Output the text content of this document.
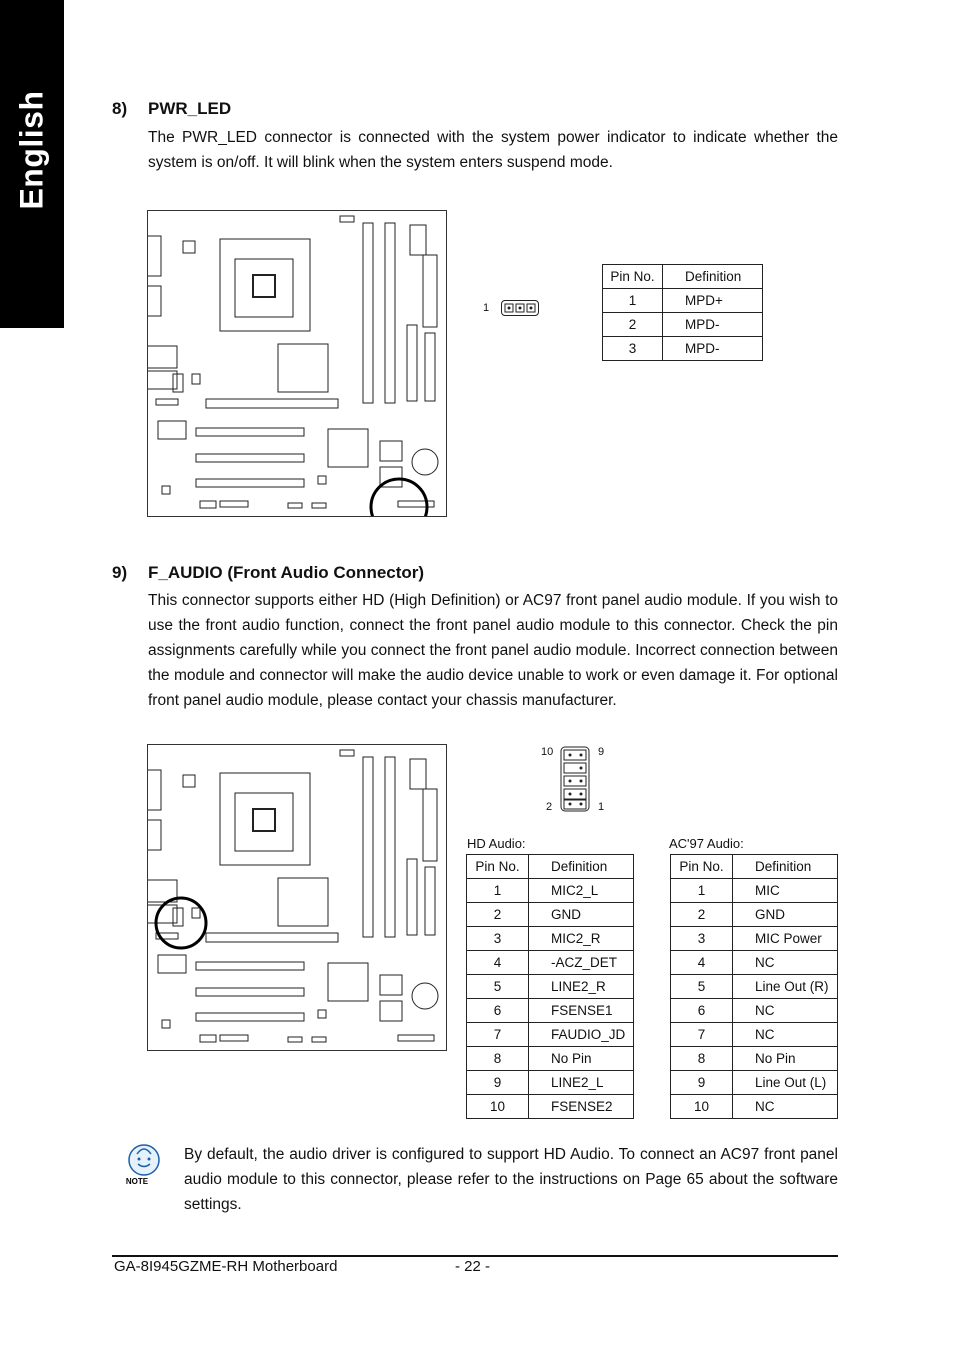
English	8) PWR_LED
The PWR_LED connector is connected with the system power indicator to indicate whether the system is on/off. It will blink when the system enters suspend mode.
1
Pin No.	Definition
1	MPD+
2	MPD-
3	MPD-
9) F_AUDIO (Front Audio Connector)
This connector supports either HD (High Definition) or AC97 front panel audio module. If you wish to use the front audio function, connect the front panel audio module to this connector. Check the pin assignments carefully while you connect the front panel audio module. Incorrect connection between the module and connector will make the audio device unable to work or even damage it. For optional front panel audio module, please contact your chassis manufacturer.
10	9
2	1
HD Audio:
Pin No.	Definition
1	MIC2_L
2	GND
3	MIC2_R
4	-ACZ_DET
5	LINE2_R
6	FSENSE1
7	FAUDIO_JD
8	No Pin
9	LINE2_L
10	FSENSE2
AC'97 Audio:
Pin No.	Definition
1	MIC
2	GND
3	MIC Power
4	NC
5	Line Out (R)
6	NC
7	NC
8	No Pin
9	Line Out (L)
10	NC
NOTE
By default, the audio driver is configured to support HD Audio. To connect an AC97 front panel audio module to this connector, please refer to the instructions on Page 65 about the software settings.
GA-8I945GZME-RH Motherboard	- 22 -
